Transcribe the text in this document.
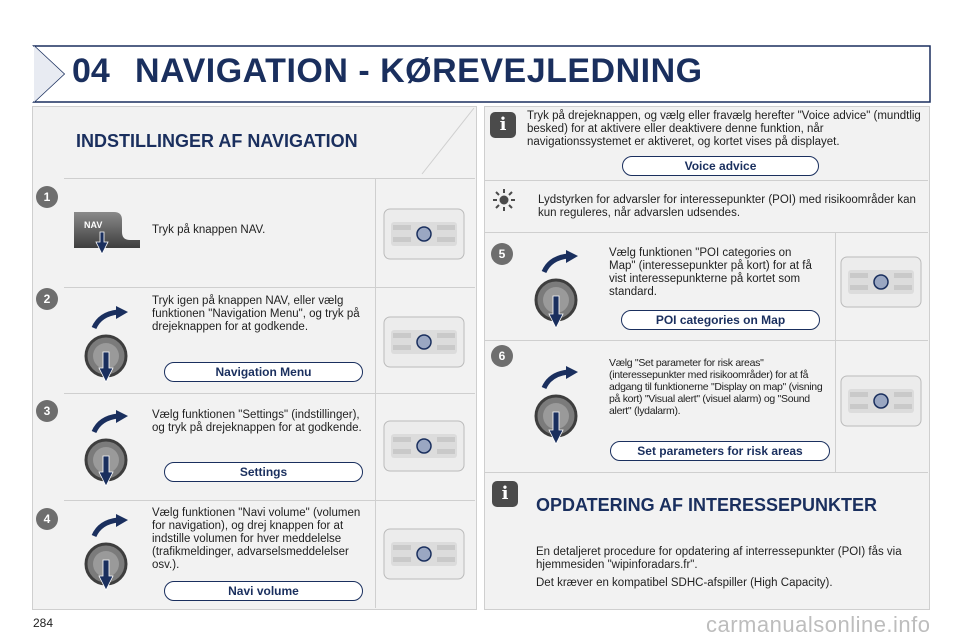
04 NAVIGATION - KØREVEJLEDNING
INDSTILLINGER AF NAVIGATION
1
NAV	Tryk på knappen NAV.
2	Tryk igen på knappen NAV, eller vælg funktionen "Navigation Menu", og tryk på drejeknappen for at godkende.
Navigation Menu
3	Vælg funktionen "Settings" (indstillinger), og tryk på drejeknappen for at godkende.
Settings
4	Vælg funktionen "Navi volume" (volumen for navigation), og drej knappen for at indstille volumen for hver meddelelse (trafikmeldinger, advarselsmeddelelser osv.).
Navi volume
i	Tryk på drejeknappen, og vælg eller fravælg herefter "Voice advice" (mundtlig besked) for at aktivere eller deaktivere denne funktion, når navigationssystemet er aktiveret, og kortet vises på displayet.
Voice advice
Lydstyrken for advarsler for interessepunkter (POI) med risikoområder kan kun reguleres, når advarslen udsendes.
5	Vælg funktionen "POI categories on Map" (interessepunkter på kort) for at få vist interessepunkterne på kortet som standard.
POI categories on Map
6	Vælg "Set parameter for risk areas" (interessepunkter med risikoområder) for at få adgang til funktionerne "Display on map" (visning på kort) "Visual alert" (visuel alarm) og "Sound alert" (lydalarm).
Set parameters for risk areas
i
OPDATERING AF INTERESSEPUNKTER
En detaljeret procedure for opdatering af interressepunkter (POI) fås via hjemmesiden "wipinforadars.fr".
Det kræver en kompatibel SDHC-afspiller (High Capacity).
284	carmanualsonline.info
